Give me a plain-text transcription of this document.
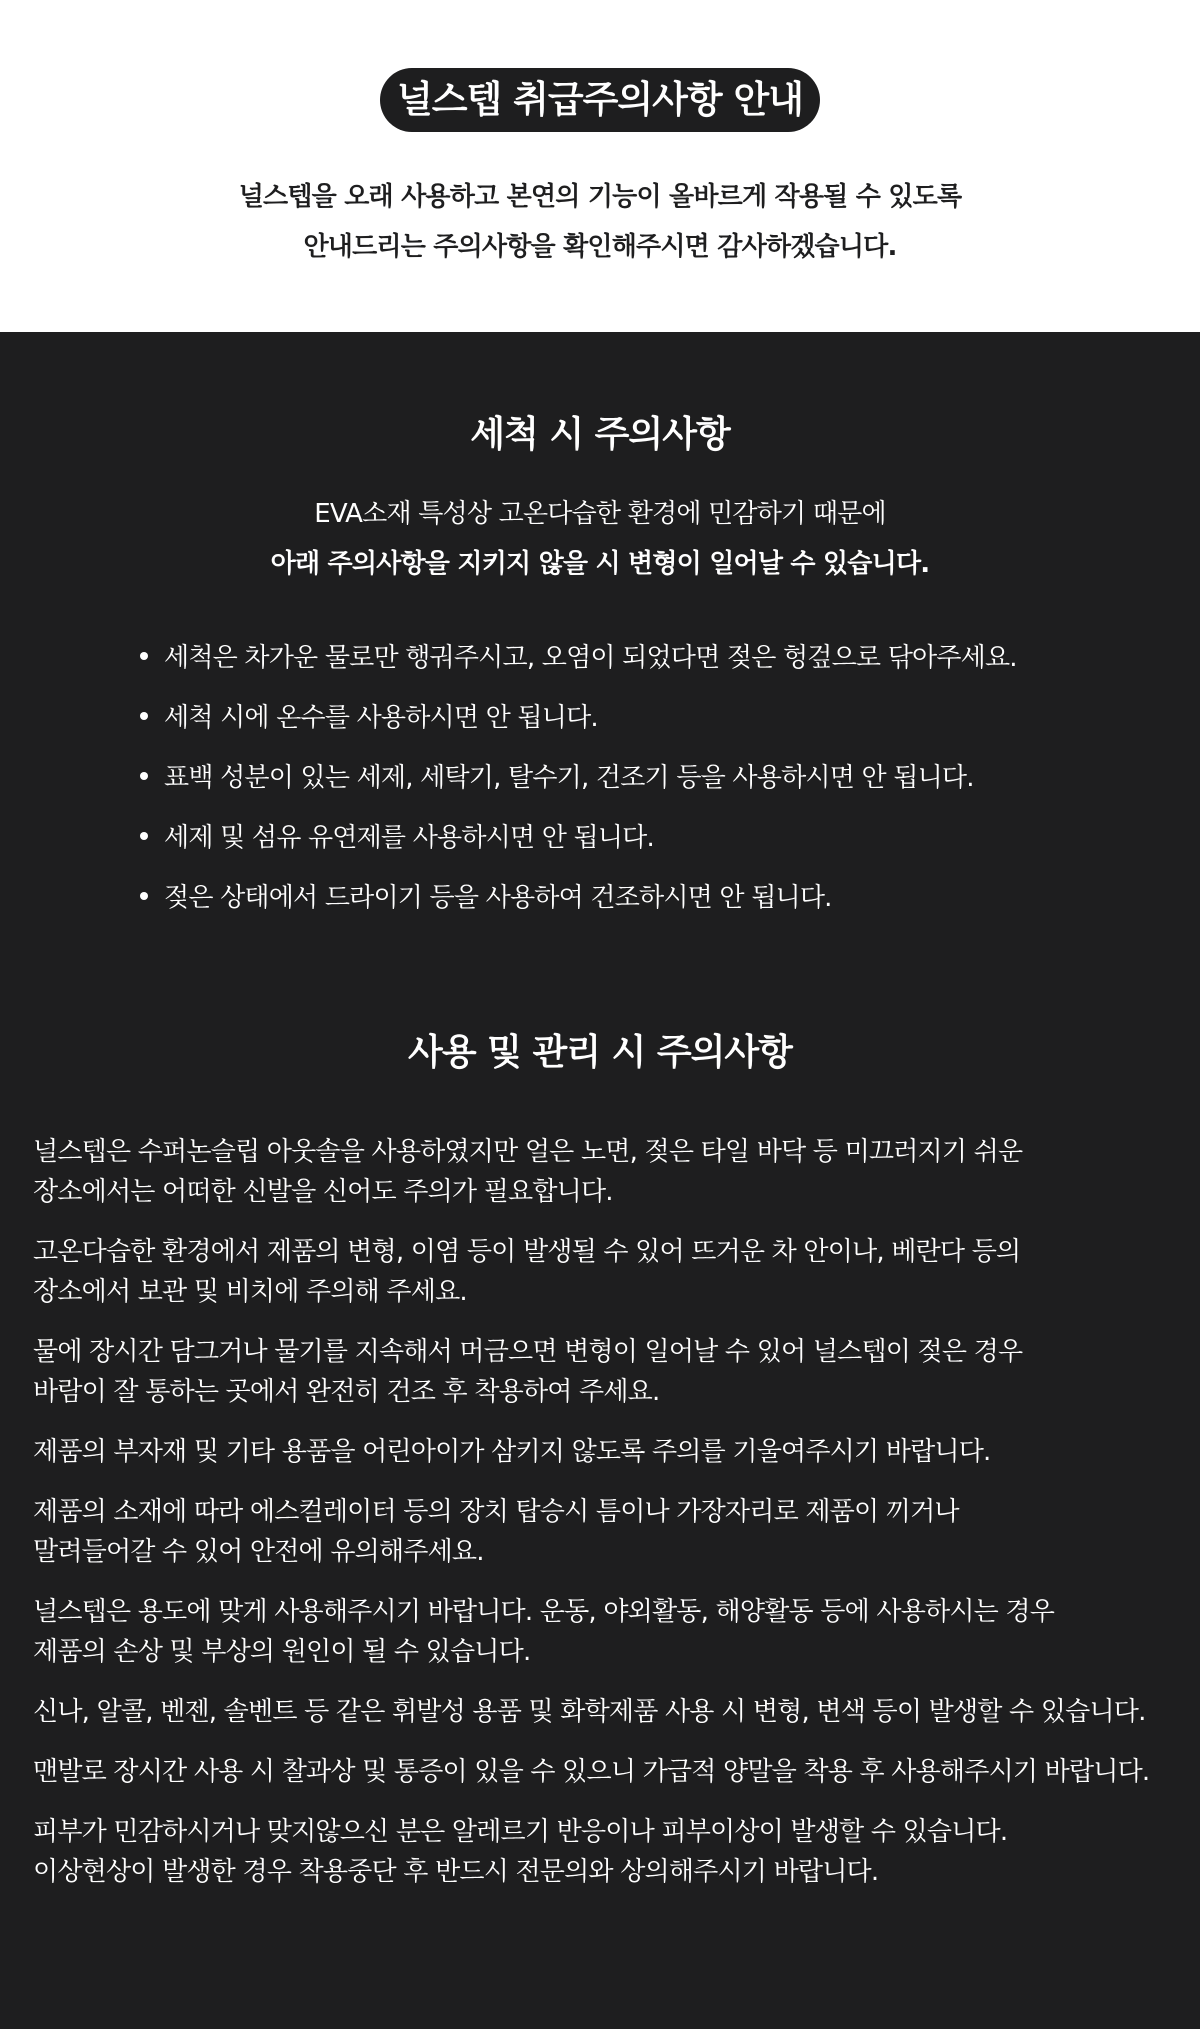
널스텝 취급주의사항 안내
널스텝을 오래 사용하고 본연의 기능이 올바르게 작용될 수 있도록
안내드리는 주의사항을 확인해주시면 감사하겠습니다.
세척 시 주의사항
EVA소재 특성상 고온다습한 환경에 민감하기 때문에
아래 주의사항을 지키지 않을 시 변형이 일어날 수 있습니다.
세척은 차가운 물로만 행궈주시고, 오염이 되었다면 젖은 헝겊으로 닦아주세요.
세척 시에 온수를 사용하시면 안 됩니다.
표백 성분이 있는 세제, 세탁기, 탈수기, 건조기 등을 사용하시면 안 됩니다.
세제 및 섬유 유연제를 사용하시면 안 됩니다.
젖은 상태에서 드라이기 등을 사용하여 건조하시면 안 됩니다.
사용 및 관리 시 주의사항
널스텝은 수퍼논슬립 아웃솔을 사용하였지만 얼은 노면, 젖은 타일 바닥 등 미끄러지기 쉬운
장소에서는 어떠한 신발을 신어도 주의가 필요합니다.
고온다습한 환경에서 제품의 변형, 이염 등이 발생될 수 있어 뜨거운 차 안이나, 베란다 등의
장소에서 보관 및 비치에 주의해 주세요.
물에 장시간 담그거나 물기를 지속해서 머금으면 변형이 일어날 수 있어 널스텝이 젖은 경우
바람이 잘 통하는 곳에서 완전히 건조 후 착용하여 주세요.
제품의 부자재 및 기타 용품을 어린아이가 삼키지 않도록 주의를 기울여주시기 바랍니다.
제품의 소재에 따라 에스컬레이터 등의 장치 탑승시 틈이나 가장자리로 제품이 끼거나
말려들어갈 수 있어 안전에 유의해주세요.
널스텝은 용도에 맞게 사용해주시기 바랍니다. 운동, 야외활동, 해양활동 등에 사용하시는 경우
제품의 손상 및 부상의 원인이 될 수 있습니다.
신나, 알콜, 벤젠, 솔벤트 등 같은 휘발성 용품 및 화학제품 사용 시 변형, 변색 등이 발생할 수 있습니다.
맨발로 장시간 사용 시 찰과상 및 통증이 있을 수 있으니 가급적 양말을 착용 후 사용해주시기 바랍니다.
피부가 민감하시거나 맞지않으신 분은 알레르기 반응이나 피부이상이 발생할 수 있습니다.
이상현상이 발생한 경우 착용중단 후 반드시 전문의와 상의해주시기 바랍니다.
